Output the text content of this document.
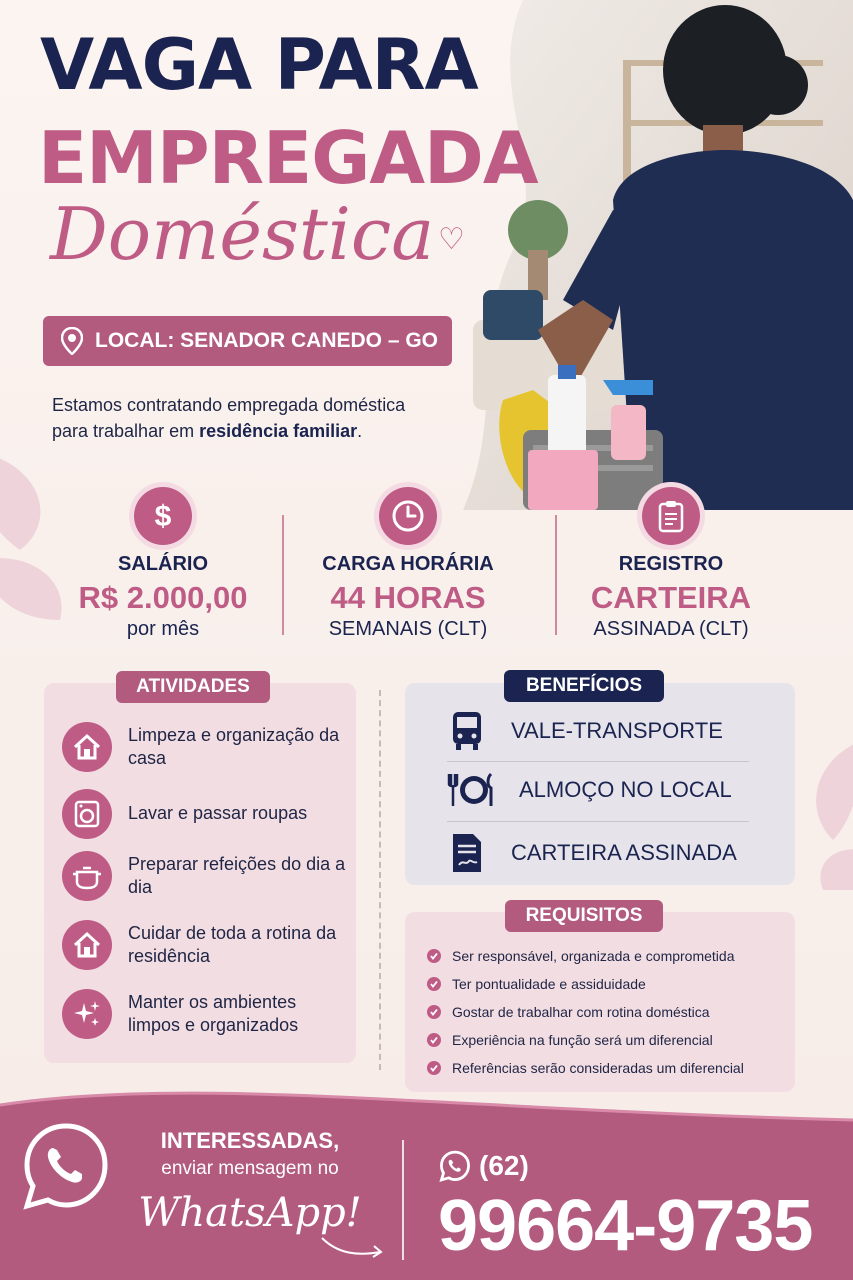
VAGA PARA
EMPREGADA
Doméstica ♡
LOCAL: SENADOR CANEDO – GO
Estamos contratando empregada doméstica
para trabalhar em residência familiar.
$
SALÁRIO
R$ 2.000,00
por mês
CARGA HORÁRIA
44 HORAS
SEMANAIS (CLT)
REGISTRO
CARTEIRA
ASSINADA (CLT)
ATIVIDADES
Limpeza e organização da casa
Lavar e passar roupas
Preparar refeições do dia a dia
Cuidar de toda a rotina da residência
Manter os ambientes limpos e organizados
BENEFÍCIOS
VALE-TRANSPORTE
ALMOÇO NO LOCAL
CARTEIRA ASSINADA
REQUISITOS
Ser responsável, organizada e comprometida
Ter pontualidade e assiduidade
Gostar de trabalhar com rotina doméstica
Experiência na função será um diferencial
Referências serão consideradas um diferencial
INTERESSADAS,
enviar mensagem no
WhatsApp!
(62)
99664-9735
